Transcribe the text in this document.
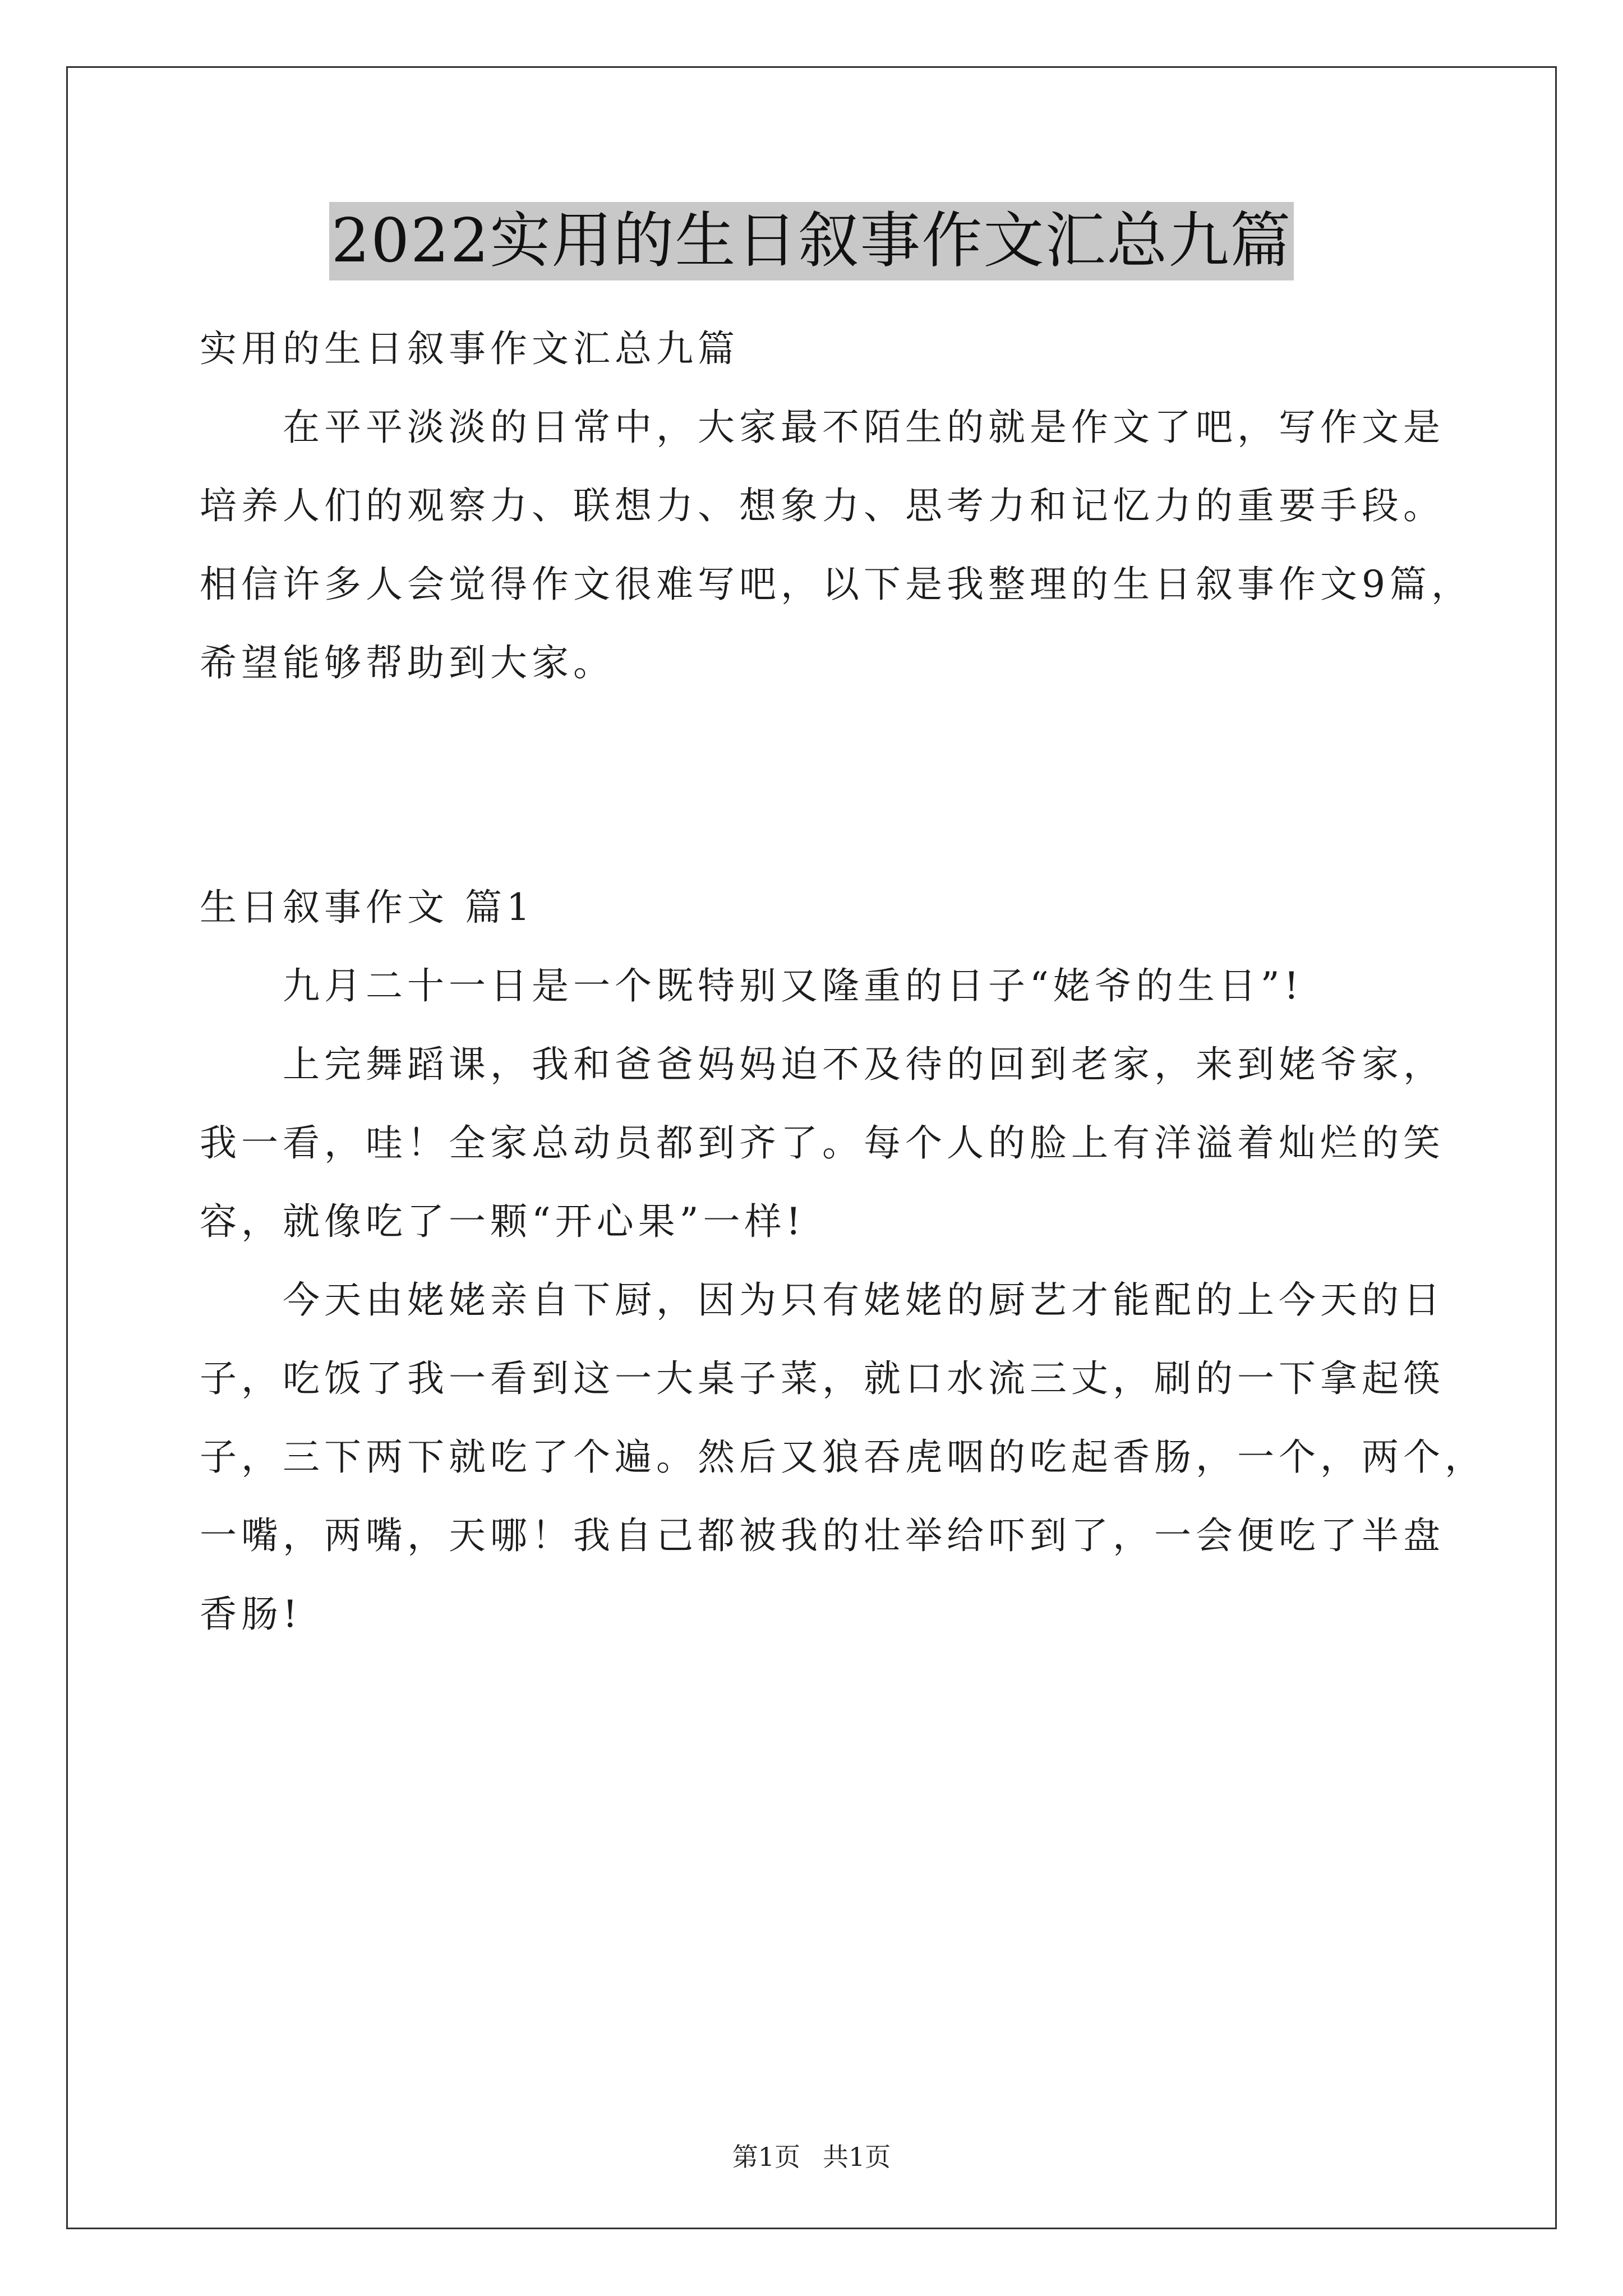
2022实用的生日叙事作文汇总九篇
实用的生日叙事作文汇总九篇
在平平淡淡的日常中，大家最不陌生的就是作文了吧，写作文是
培养人们的观察力、联想力、想象力、思考力和记忆力的重要手段。
相信许多人会觉得作文很难写吧，以下是我整理的生日叙事作文9篇，
希望能够帮助到大家。
生日叙事作文 篇1
九月二十一日是一个既特别又隆重的日子“姥爷的生日”!
上完舞蹈课，我和爸爸妈妈迫不及待的回到老家，来到姥爷家，
我一看，哇！全家总动员都到齐了。每个人的脸上有洋溢着灿烂的笑
容，就像吃了一颗“开心果”一样!
今天由姥姥亲自下厨，因为只有姥姥的厨艺才能配的上今天的日
子，吃饭了我一看到这一大桌子菜，就口水流三丈，刷的一下拿起筷
子，三下两下就吃了个遍。然后又狼吞虎咽的吃起香肠，一个，两个，
一嘴，两嘴，天哪！我自己都被我的壮举给吓到了，一会便吃了半盘
香肠!
第1页 共1页
